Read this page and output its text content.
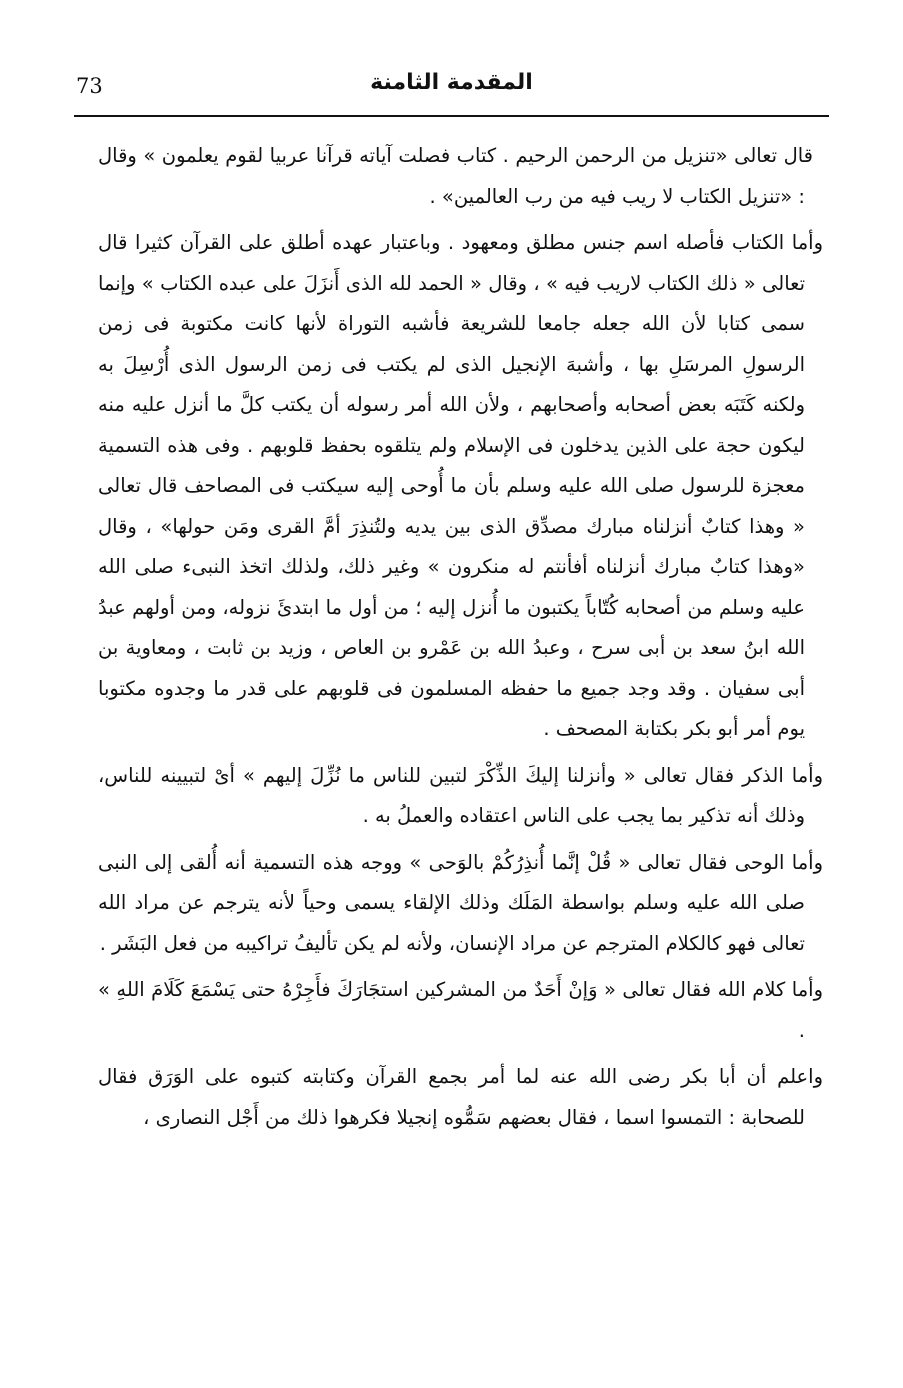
73	المقدمة الثامنة

قال تعالى «تنزيل من الرحمن الرحيم . كتاب فصلت آياته قرآنا عربيا لقوم يعلمون » وقال : «تنزيل الكتاب لا ريب فيه من رب العالمين» .

وأما الكتاب فأصله اسم جنس مطلق ومعهود . وباعتبار عهده أطلق على القرآن كثيرا قال تعالى « ذلك الكتاب لاريب فيه » ، وقال « الحمد لله الذى أَنزَلَ على عبده الكتاب » وإنما سمى كتابا لأن الله جعله جامعا للشريعة فأشبه التوراة لأنها كانت مكتوبة فى زمن الرسولِ المرسَلِ بها ، وأشبهَ الإنجيل الذى لم يكتب فى زمن الرسول الذى أُرْسِلَ به ولكنه كَتَبَه بعض أصحابه وأصحابهم ، ولأن الله أمر رسوله أن يكتب كلَّ ما أنزل عليه منه ليكون حجة على الذين يدخلون فى الإسلام ولم يتلقوه بحفظ قلوبهم . وفى هذه التسمية معجزة للرسول صلى الله عليه وسلم بأن ما أُوحى إليه سيكتب فى المصاحف قال تعالى « وهذا كتابٌ أنزلناه مبارك مصدِّق الذى بين يديه ولتُنذِرَ أمَّ القرى ومَن حولها» ، وقال «وهذا كتابٌ مبارك أنزلناه أفأنتم له منكرون » وغير ذلك، ولذلك اتخذ النبىء صلى الله عليه وسلم من أصحابه كُتّاباً يكتبون ما أُنزل إليه ؛ من أول ما ابتدئَ نزوله، ومن أولهم عبدُ الله ابنُ سعد بن أبى سرح ، وعبدُ الله بن عَمْرو بن العاص ، وزيد بن ثابت ، ومعاوية بن أبى سفيان . وقد وجد جميع ما حفظه المسلمون فى قلوبهم على قدر ما وجدوه مكتوبا يوم أمر أبو بكر بكتابة المصحف .

وأما الذكر فقال تعالى « وأنزلنا إليكَ الذِّكْرَ لتبين للناس ما نُزِّلَ إليهم » أىْ لتبيينه للناس، وذلك أنه تذكير بما يجب على الناس اعتقاده والعملُ به .

وأما الوحى فقال تعالى « قُلْ إنَّما أُنذِرُكُمْ بالوَحى » ووجه هذه التسمية أنه أُلقى إلى النبى صلى الله عليه وسلم بواسطة المَلَك وذلك الإلقاء يسمى وحياً لأنه يترجم عن مراد الله تعالى فهو كالكلام المترجم عن مراد الإنسان، ولأنه لم يكن تأليفُ تراكيبه من فعل البَشَر .

وأما كلام الله فقال تعالى « وَإنْ أَحَدٌ من المشركين استجَارَكَ فأَجِرْهُ حتى يَسْمَعَ كَلَامَ اللهِ » .

واعلم أن أبا بكر رضى الله عنه لما أمر بجمع القرآن وكتابته كتبوه على الوَرَق فقال للصحابة : التمسوا اسما ، فقال بعضهم سَمُّوه إنجيلا فكرهوا ذلك من أَجْل النصارى ،
